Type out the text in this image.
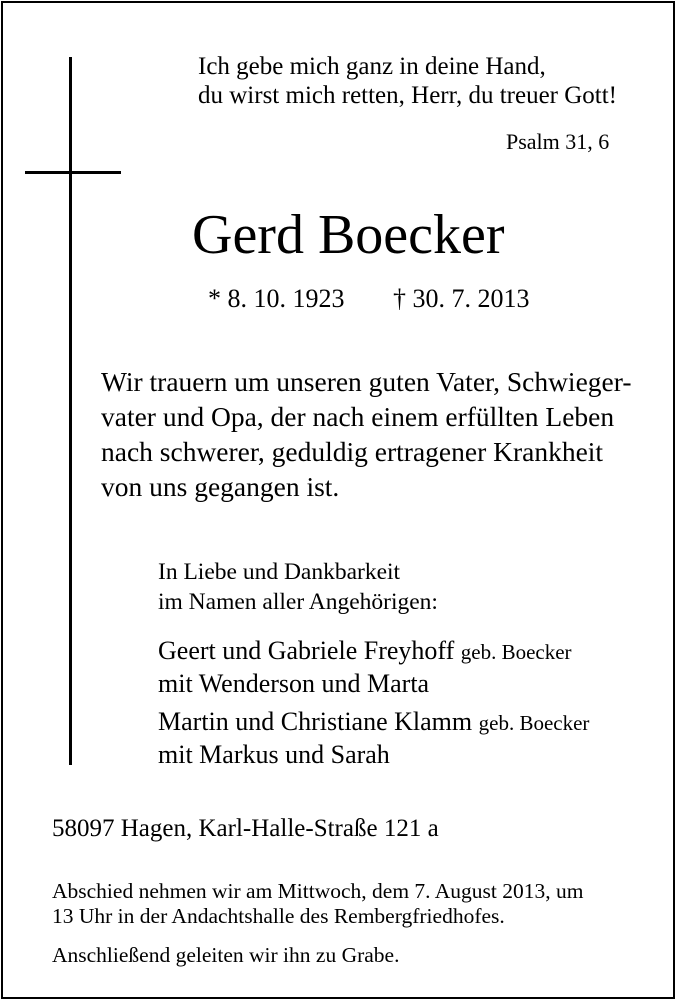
Ich gebe mich ganz in deine Hand,
du wirst mich retten, Herr, du treuer Gott!
Psalm 31, 6
Gerd Boecker
* 8. 10. 1923 † 30. 7. 2013
Wir trauern um unseren guten Vater, Schwieger-
vater und Opa, der nach einem erfüllten Leben
nach schwerer, geduldig ertragener Krankheit
von uns gegangen ist.
In Liebe und Dankbarkeit
im Namen aller Angehörigen:
Geert und Gabriele Freyhoff geb. Boecker
mit Wenderson und Marta
Martin und Christiane Klamm geb. Boecker
mit Markus und Sarah
58097 Hagen, Karl-Halle-Straße 121 a
Abschied nehmen wir am Mittwoch, dem 7. August 2013, um
13 Uhr in der Andachtshalle des Rembergfriedhofes.
Anschließend geleiten wir ihn zu Grabe.
